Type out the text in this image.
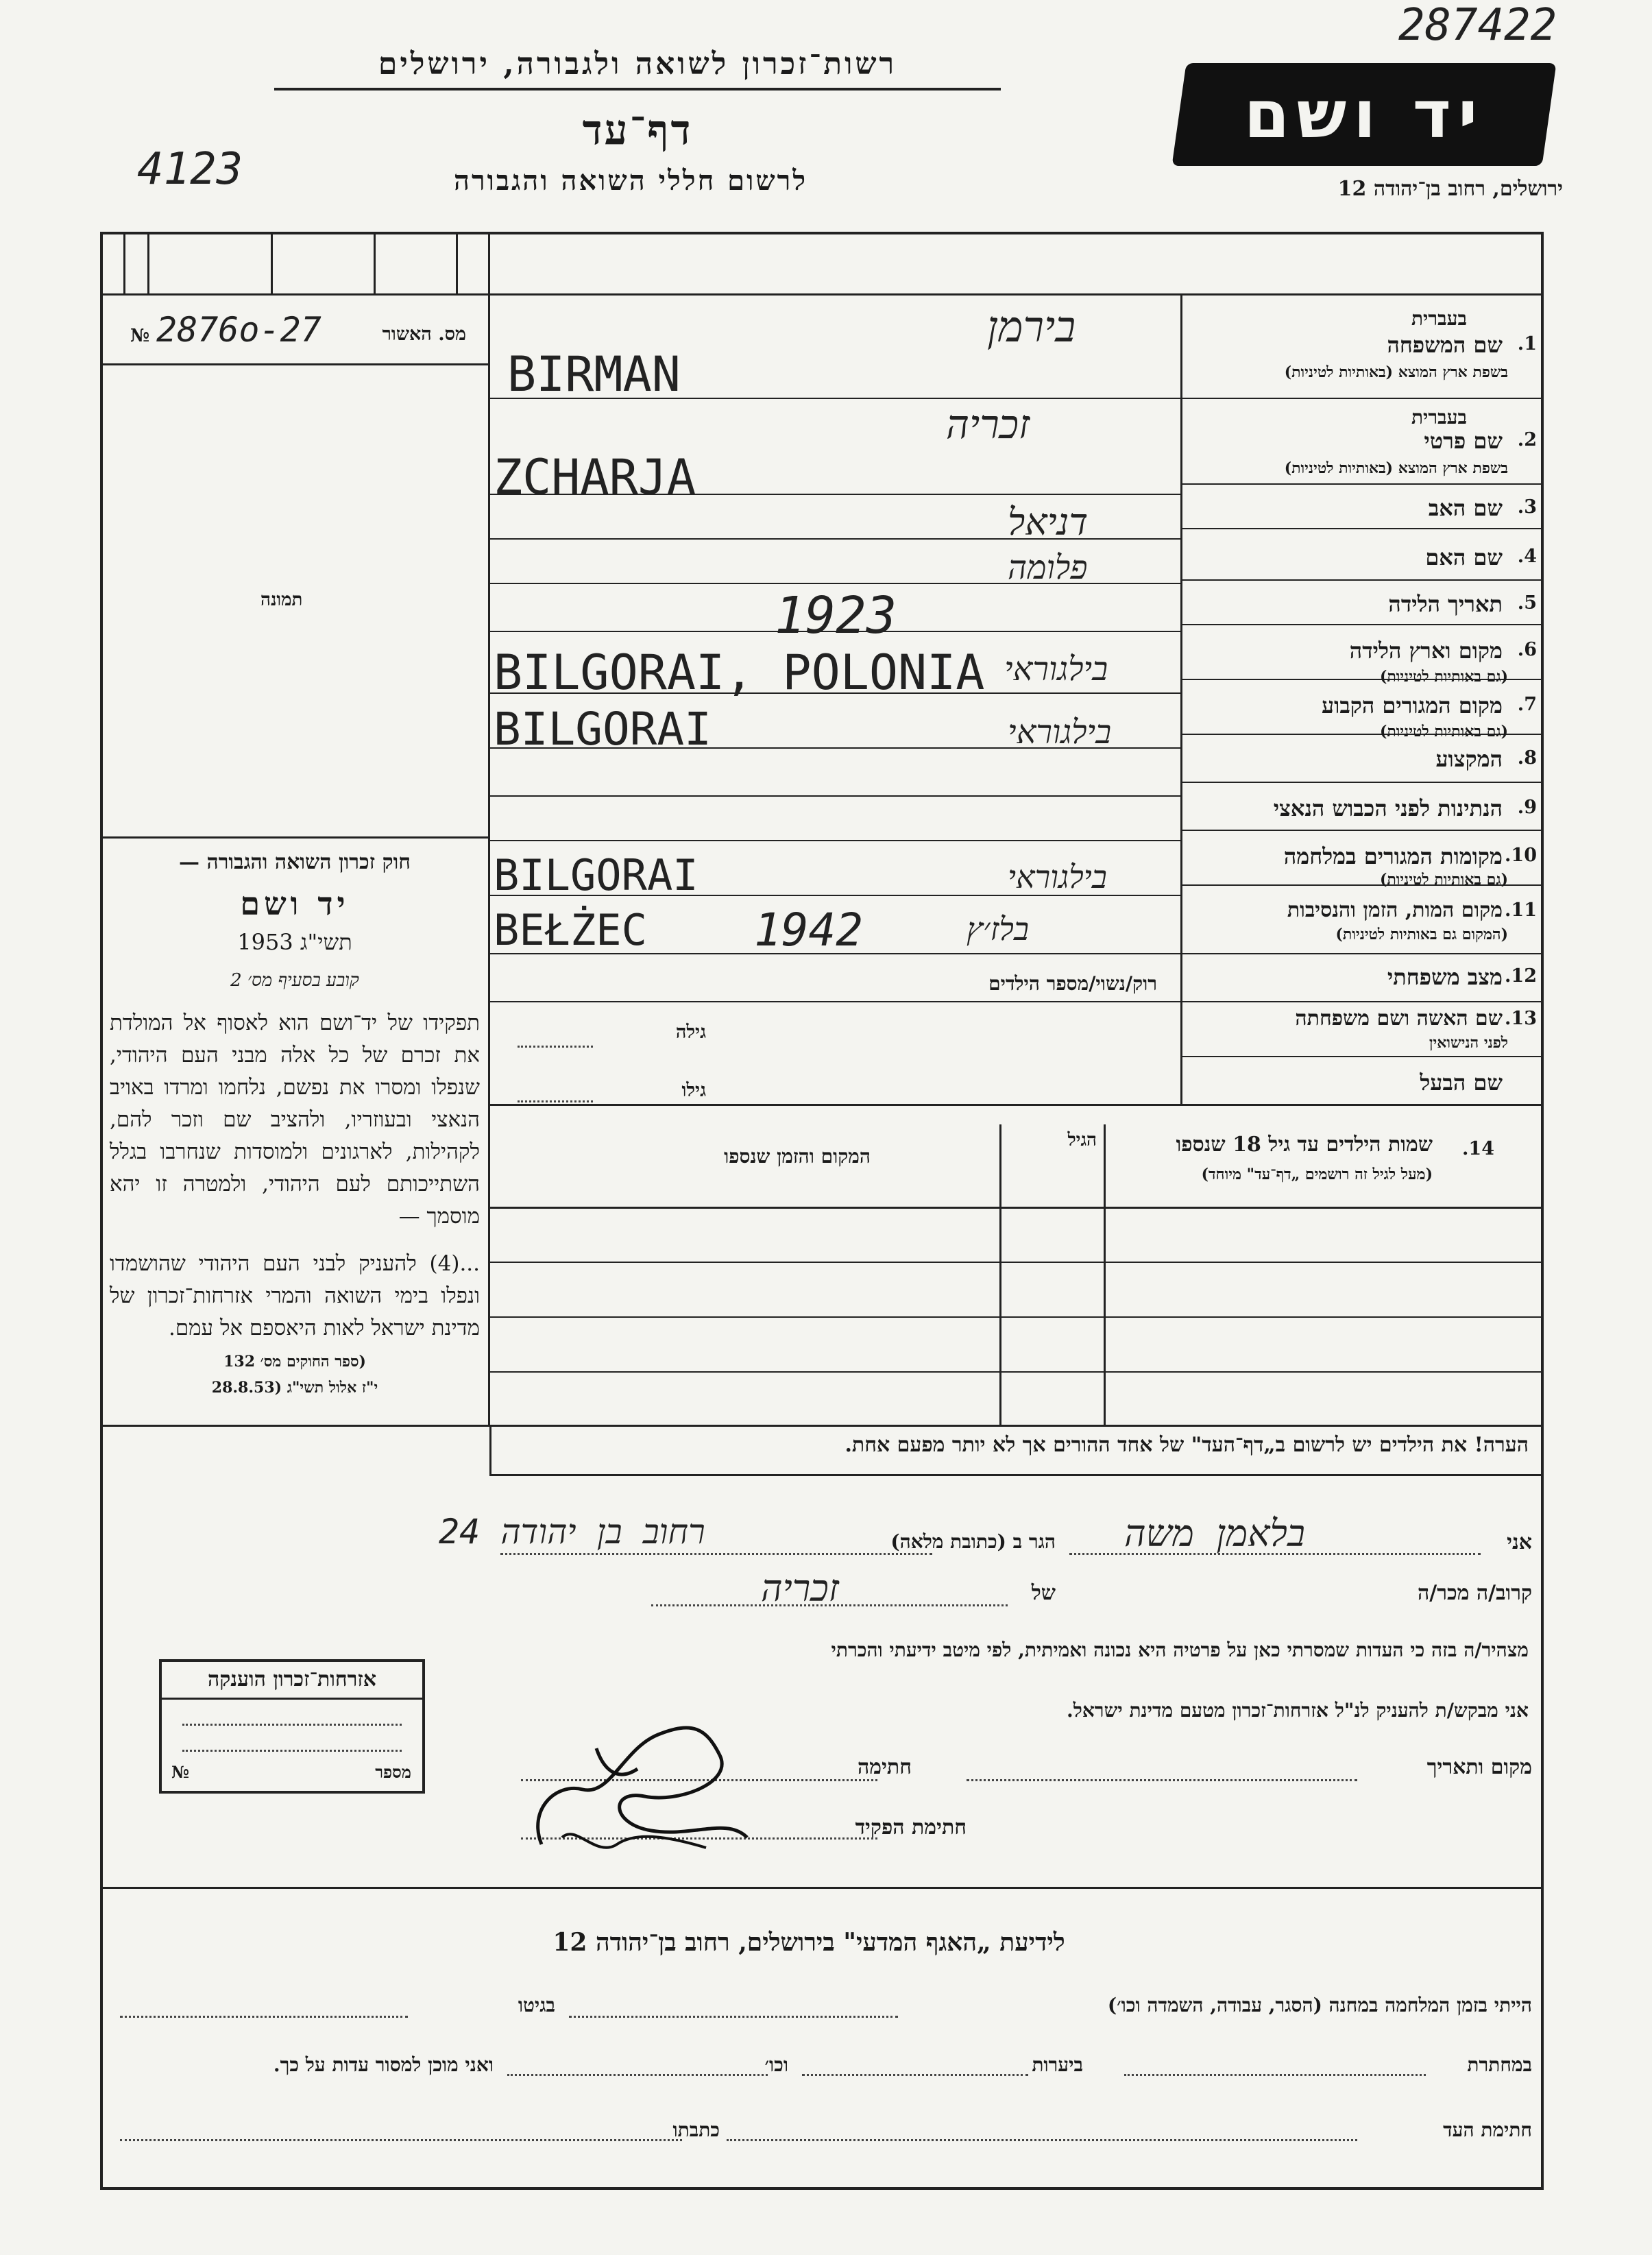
287422
רשות־זכרון לשואה ולגבורה, ירושלים
דף־עד
4123	לרשום חללי השואה והגבורה
יד ושם
ירושלים, רחוב בן־יהודה 12
№ 2876o-27	מס. האשור
תמונה
חוק זכרון השואה והגבורה —
יד ושם
תשי"ג 1953
קובע בסעיף מס׳ 2
תפקידו של יד־ושם הוא לאסוף אל המולדת את זכרם של כל אלה מבני העם היהודי, שנפלו ומסרו את נפשם, נלחמו ומרדו באויב הנאצי ובעוזריו, ולהציב שם וזכר להם, לקהילות, לארגונים ולמוסדות שנחרבו בגלל השתייכותם לעם היהודי, ולמטרה זו יהא מוסמך —
...(4) להעניק לבני העם היהודי שהושמדו ונפלו בימי השואה והמרי אזרחות־זכרון של מדינת ישראל לאות היאספם אל עמם.
(ספר החוקים מס׳ 132
י"ז אלול תשי"ג (28.8.53
בעברית
1.
שם המשפחה
בשפת ארץ המוצא (באותיות לטיניות)
בירמן
BIRMAN
בעברית
2.
שם פרטי
בשפת ארץ המוצא (באותיות לטיניות)
זכריה
ZCHARJA
3.
שם האב
דניאל
4.
שם האם
פלומה
5.
תאריך הלידה
1923
6.
מקום וארץ הלידה
(גם באותיות לטיניות)
BILGORAI, POLONIA בילגוראי
7.
מקום המגורים הקבוע
(גם באותיות לטיניות)
BILGORAI	בילגוראי
8.
המקצוע
9.
הנתינות לפני הכבוש הנאצי
10.
מקומות המגורים במלחמה
(גם באותיות לטיניות)
BILGORAI	בילגוראי
11.
מקום המות, הזמן והנסיבות
(המקום גם באותיות לטיניות)
BEŁŻEC 1942	בלז׳ץ
12.
מצב משפחתי
רוק/נשוי/מספר הילדים
13.
שם האשה ושם משפחתה
לפני הנישואין
גילה
שם הבעל
גילו
14.
שמות הילדים עד גיל 18 שנספו
(מעל לגיל זה רושמים „דף־עד" מיוחד)
הגיל
המקום והזמן שנספו
הערה! את הילדים יש לרשום ב„דף־העד" של אחד ההורים אך לא יותר מפעם אחת.
אני
בלאמן משה
הגר ב (כתובת מלאה)
רחוב בן יהודה 24
קרוב/ה מכר/ה
של
זכריה
מצהיר/ה בזה כי העדות שמסרתי כאן על פרטיה היא נכונה ואמיתית, לפי מיטב ידיעתי והכרתי
אני מבקש/ת להעניק לנ"ל אזרחות־זכרון מטעם מדינת ישראל.
מקום ותאריך
חתימה
חתימת הפקיד
אזרחות־זכרון הוענקה
№	מספר
לידיעת „האגף המדעי" בירושלים, רחוב בן־יהודה 12
הייתי בזמן המלחמה במחנה (הסגר, עבודה, השמדה וכו׳)
בגיטו
במחתרת
ביערות
וכו׳
ואני מוכן למסור עדות על כך.
חתימת העד
כתבתו
